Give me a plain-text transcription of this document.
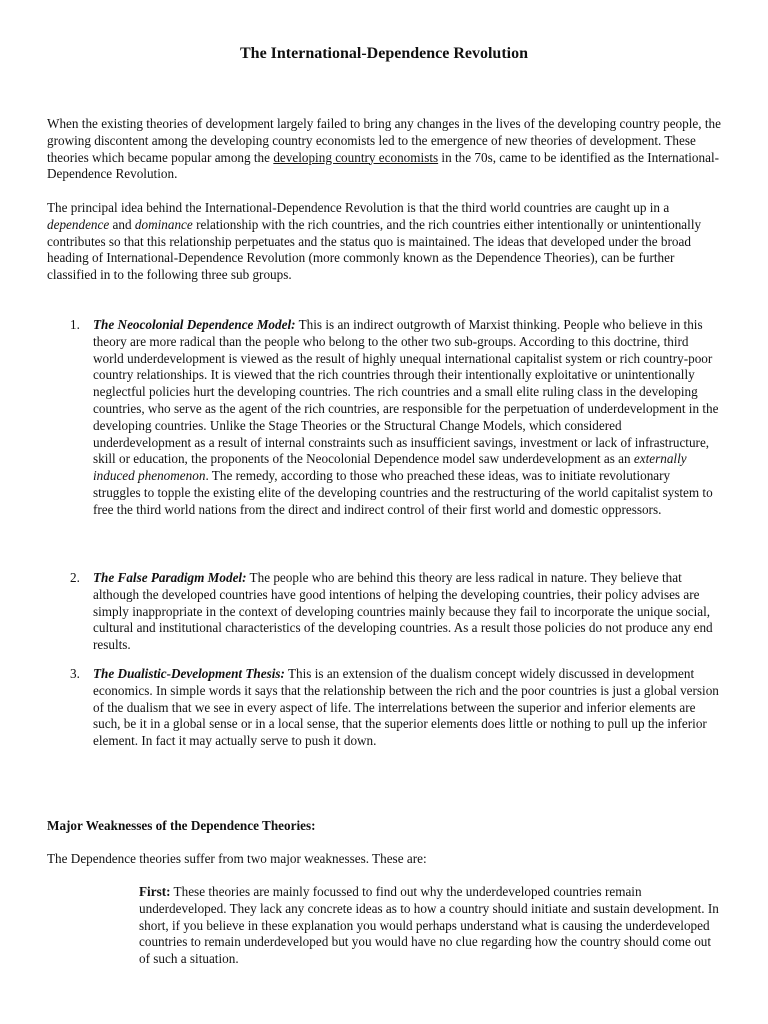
The International-Dependence Revolution

When the existing theories of development largely failed to bring any changes in the lives of the developing country people, the growing discontent among the developing country economists led to the emergence of new theories of development. These theories which became popular among the developing country economists in the 70s, came to be identified as the International-Dependence Revolution.

The principal idea behind the International-Dependence Revolution is that the third world countries are caught up in a dependence and dominance relationship with the rich countries, and the rich countries either intentionally or unintentionally contributes so that this relationship perpetuates and the status quo is maintained. The ideas that developed under the broad heading of International-Dependence Revolution (more commonly known as the Dependence Theories), can be further classified in to the following three sub groups.

1. The Neocolonial Dependence Model: This is an indirect outgrowth of Marxist thinking. People who believe in this theory are more radical than the people who belong to the other two sub-groups. According to this doctrine, third world underdevelopment is viewed as the result of highly unequal international capitalist system or rich country-poor country relationships. It is viewed that the rich countries through their intentionally exploitative or unintentionally neglectful policies hurt the developing countries. The rich countries and a small elite ruling class in the developing countries, who serve as the agent of the rich countries, are responsible for the perpetuation of underdevelopment in the developing countries. Unlike the Stage Theories or the Structural Change Models, which considered underdevelopment as a result of internal constraints such as insufficient savings, investment or lack of infrastructure, skill or education, the proponents of the Neocolonial Dependence model saw underdevelopment as an externally induced phenomenon. The remedy, according to those who preached these ideas, was to initiate revolutionary struggles to topple the existing elite of the developing countries and the restructuring of the world capitalist system to free the third world nations from the direct and indirect control of their first world and domestic oppressors.
2. The False Paradigm Model: The people who are behind this theory are less radical in nature. They believe that although the developed countries have good intentions of helping the developing countries, their policy advises are simply inappropriate in the context of developing countries mainly because they fail to incorporate the unique social, cultural and institutional characteristics of the developing countries. As a result those policies do not produce any end results.
3. The Dualistic-Development Thesis: This is an extension of the dualism concept widely discussed in development economics. In simple words it says that the relationship between the rich and the poor countries is just a global version of the dualism that we see in every aspect of life. The interrelations between the superior and inferior elements are such, be it in a global sense or in a local sense, that the superior elements does little or nothing to pull up the inferior element. In fact it may actually serve to push it down.

Major Weaknesses of the Dependence Theories:

The Dependence theories suffer from two major weaknesses. These are:

First: These theories are mainly focussed to find out why the underdeveloped countries remain underdeveloped. They lack any concrete ideas as to how a country should initiate and sustain development. In short, if you believe in these explanation you would perhaps understand what is causing the underdeveloped countries to remain underdeveloped but you would have no clue regarding how the country should come out of such a situation.
